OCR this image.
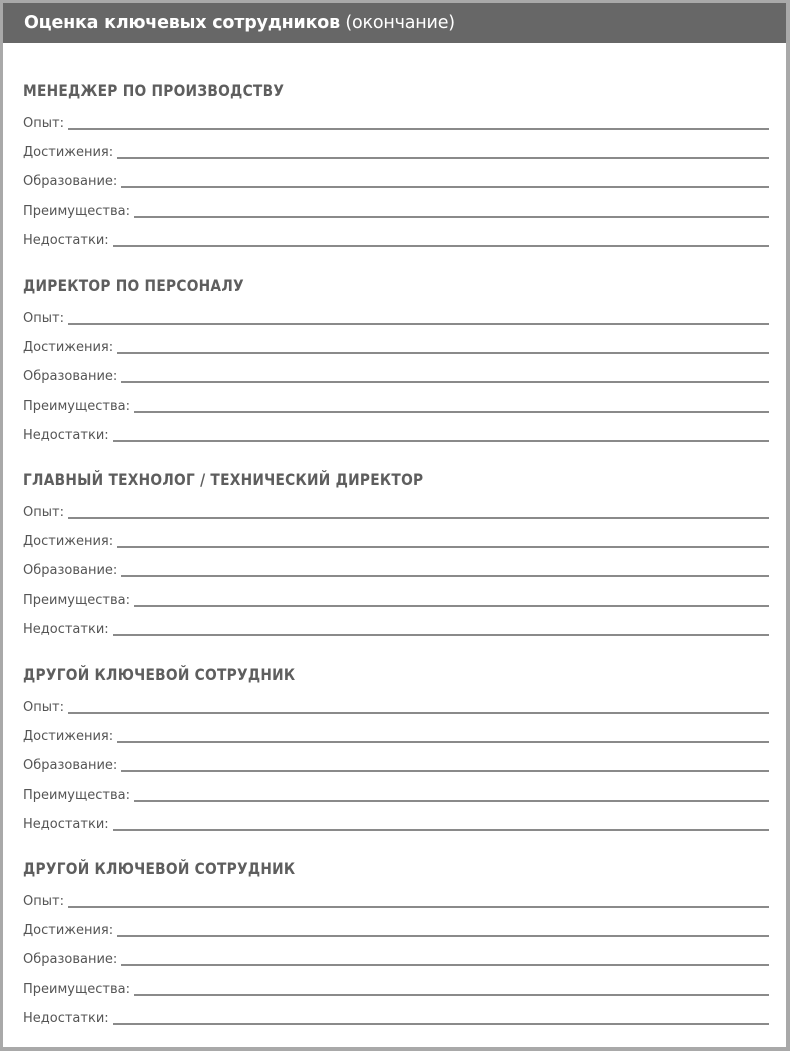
Оценка ключевых сотрудников (окончание)
МЕНЕДЖЕР ПО ПРОИЗВОДСТВУ
Опыт:
Достижения:
Образование:
Преимущества:
Недостатки:
ДИРЕКТОР ПО ПЕРСОНАЛУ
Опыт:
Достижения:
Образование:
Преимущества:
Недостатки:
ГЛАВНЫЙ ТЕХНОЛОГ / ТЕХНИЧЕСКИЙ ДИРЕКТОР
Опыт:
Достижения:
Образование:
Преимущества:
Недостатки:
ДРУГОЙ КЛЮЧЕВОЙ СОТРУДНИК
Опыт:
Достижения:
Образование:
Преимущества:
Недостатки:
ДРУГОЙ КЛЮЧЕВОЙ СОТРУДНИК
Опыт:
Достижения:
Образование:
Преимущества:
Недостатки:
